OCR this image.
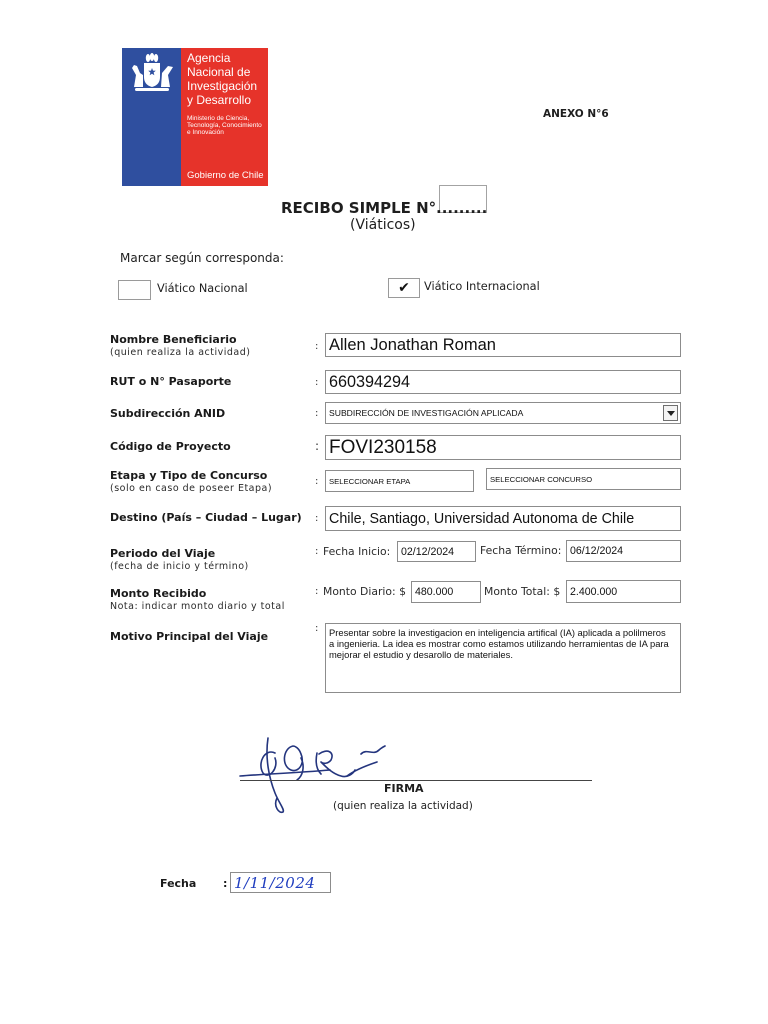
Agencia
Nacional de
Investigación
y Desarrollo
Ministerio de Ciencia,
Tecnología, Conocimiento
e Innovación
Gobierno de Chile
ANEXO N°6
RECIBO SIMPLE N° .........
(Viáticos)
Marcar según corresponda:
Viático Nacional	✔ Viático Internacional
Nombre Beneficiario
(quien realiza la actividad)
: Allen Jonathan Roman
RUT o N° Pasaporte	: 660394294
Subdirección ANID	: SUBDIRECCIÓN DE INVESTIGACIÓN APLICADA
Código de Proyecto	: FOVI230158
Etapa y Tipo de Concurso
(solo en caso de poseer Etapa)
: SELECCIONAR ETAPA	SELECCIONAR CONCURSO
Destino (País – Ciudad – Lugar) : Chile, Santiago, Universidad Autonoma de Chile
Periodo del Viaje
(fecha de inicio y término)
: Fecha Inicio: 02/12/2024 Fecha Término: 06/12/2024
Monto Recibido
Nota: indicar monto diario y total
: Monto Diario: $ 480.000	Monto Total: $ 2.400.000
Motivo Principal del Viaje
: Presentar sobre la investigacion en inteligencia artifical (IA) aplicada a polilmeros a ingenieria. La idea es mostrar como estamos utilizando herramientas de IA para mejorar el estudio y desarollo de materiales.
FIRMA
(quien realiza la actividad)
Fecha : 1/11/2024
